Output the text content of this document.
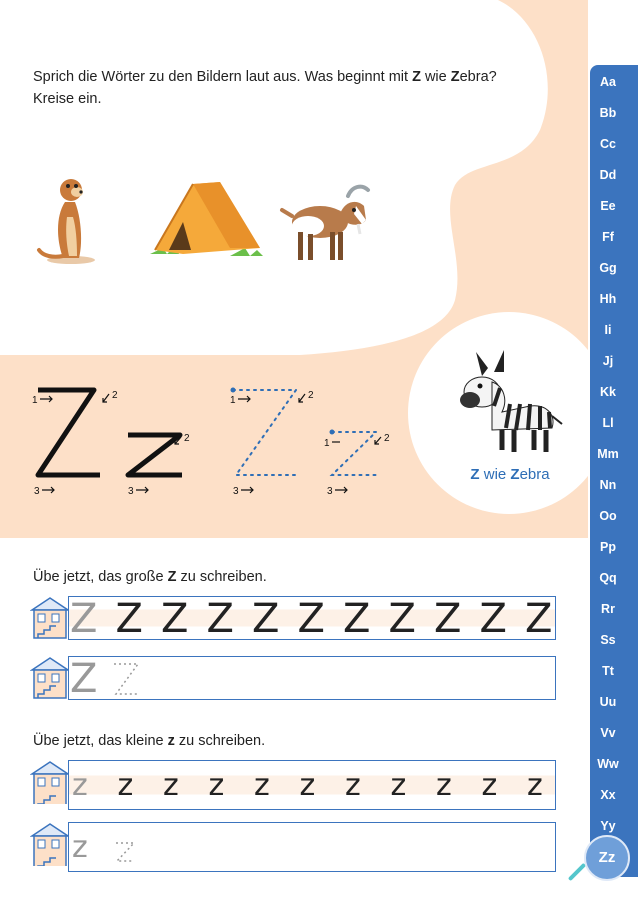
Sprich die Wörter zu den Bildern laut aus. Was beginnt mit Z wie Zebra?
Kreise ein.
1	2
3
2
3
1	2
3
1	2
3
Z wie Zebra
Übe jetzt, das große Z zu schreiben.
Z Z Z Z Z Z Z Z Z Z Z
Z
Übe jetzt, das kleine z zu schreiben.
z z z z z z z z z z z
z
Aa
Bb
Cc
Dd
Ee
Ff
Gg
Hh
Ii
Jj
Kk
Ll
Mm
Nn
Oo
Pp
Qq
Rr
Ss
Tt
Uu
Vv
Ww
Xx
Yy
Zz
